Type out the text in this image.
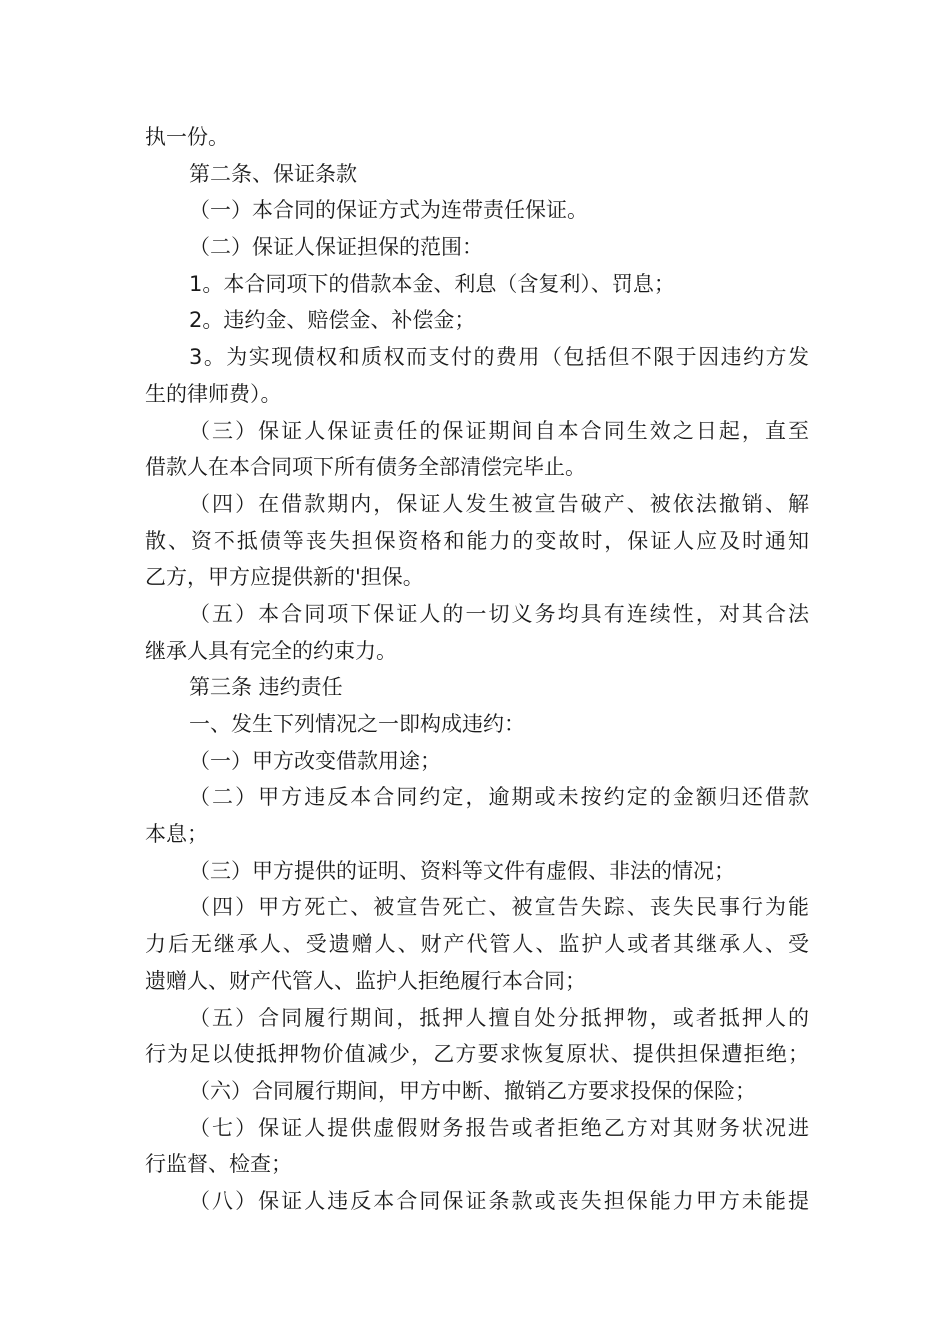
执一份。
第二条、保证条款
（一）本合同的保证方式为连带责任保证。
（二）保证人保证担保的范围：
1。本合同项下的借款本金、利息（含复利）、罚息；
2。违约金、赔偿金、补偿金；
3。为实现债权和质权而支付的费用（包括但不限于因违约方发
生的律师费）。
（三）保证人保证责任的保证期间自本合同生效之日起，直至
借款人在本合同项下所有债务全部清偿完毕止。
（四）在借款期内，保证人发生被宣告破产、被依法撤销、解
散、资不抵债等丧失担保资格和能力的变故时，保证人应及时通知
乙方，甲方应提供新的'担保。
（五）本合同项下保证人的一切义务均具有连续性，对其合法
继承人具有完全的约束力。
第三条 违约责任
一、发生下列情况之一即构成违约：
（一）甲方改变借款用途；
（二）甲方违反本合同约定，逾期或未按约定的金额归还借款
本息；
（三）甲方提供的证明、资料等文件有虚假、非法的情况；
（四）甲方死亡、被宣告死亡、被宣告失踪、丧失民事行为能
力后无继承人、受遗赠人、财产代管人、监护人或者其继承人、受
遗赠人、财产代管人、监护人拒绝履行本合同；
（五）合同履行期间，抵押人擅自处分抵押物，或者抵押人的
行为足以使抵押物价值减少，乙方要求恢复原状、提供担保遭拒绝；
（六）合同履行期间，甲方中断、撤销乙方要求投保的保险；
（七）保证人提供虚假财务报告或者拒绝乙方对其财务状况进
行监督、检查；
（八）保证人违反本合同保证条款或丧失担保能力甲方未能提
